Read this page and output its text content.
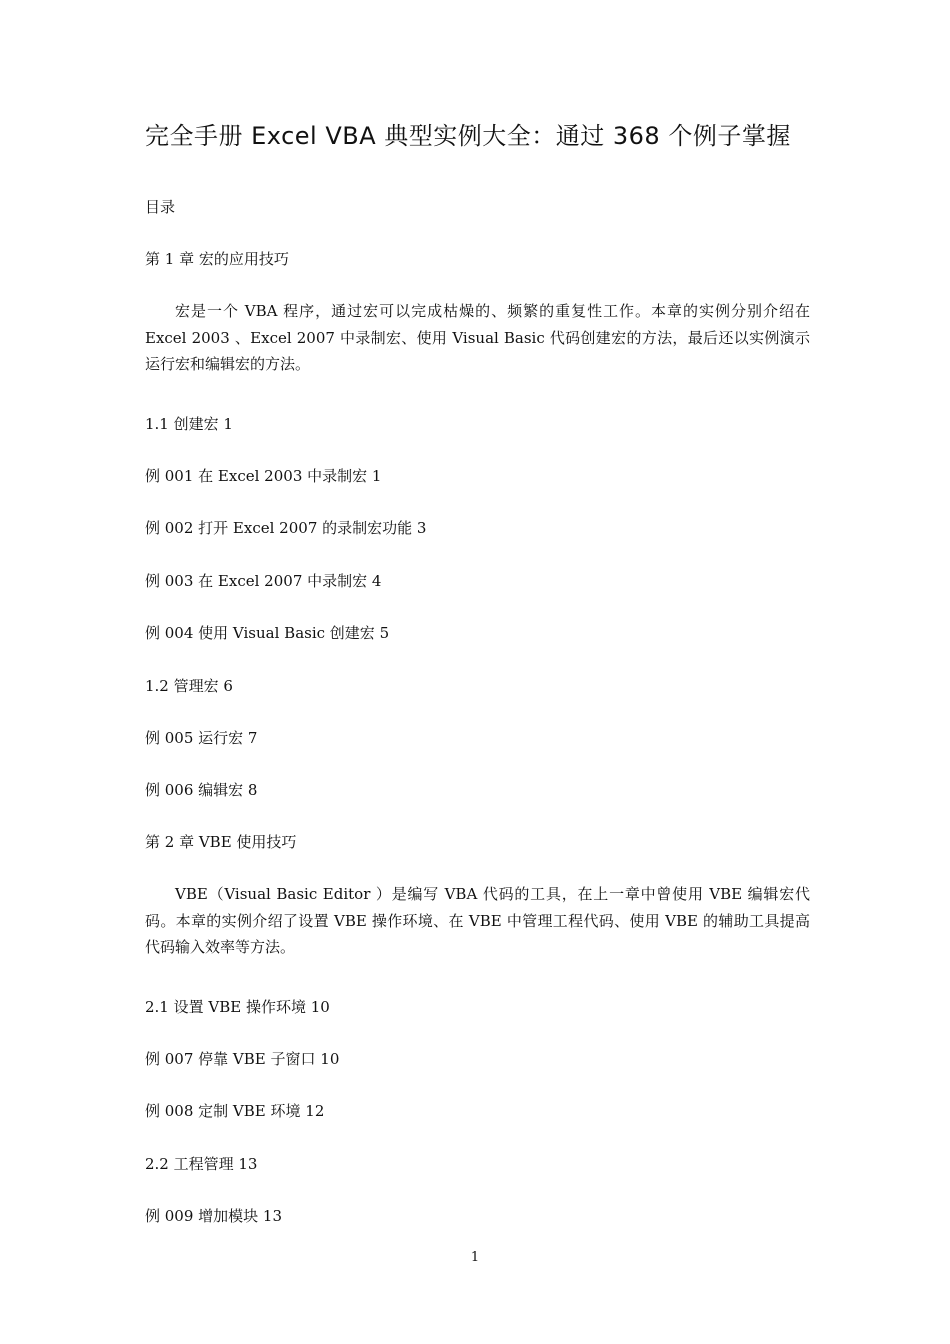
完全手册 Excel VBA 典型实例大全：通过 368 个例子掌握
目录
第 1 章 宏的应用技巧
宏是一个 VBA 程序，通过宏可以完成枯燥的、频繁的重复性工作。本章的实例分别介绍在 Excel 2003 、Excel 2007 中录制宏、使用 Visual Basic 代码创建宏的方法，最后还以实例演示运行宏和编辑宏的方法。
1.1 创建宏 1
例 001 在 Excel 2003 中录制宏 1
例 002 打开 Excel 2007 的录制宏功能 3
例 003 在 Excel 2007 中录制宏 4
例 004 使用 Visual Basic 创建宏 5
1.2 管理宏 6
例 005 运行宏 7
例 006 编辑宏 8
第 2 章 VBE 使用技巧
VBE（Visual Basic Editor ）是编写 VBA 代码的工具，在上一章中曾使用 VBE 编辑宏代码。本章的实例介绍了设置 VBE 操作环境、在 VBE 中管理工程代码、使用 VBE 的辅助工具提高代码输入效率等方法。
2.1 设置 VBE 操作环境 10
例 007 停靠 VBE 子窗口 10
例 008 定制 VBE 环境 12
2.2 工程管理 13
例 009 增加模块 13
1
